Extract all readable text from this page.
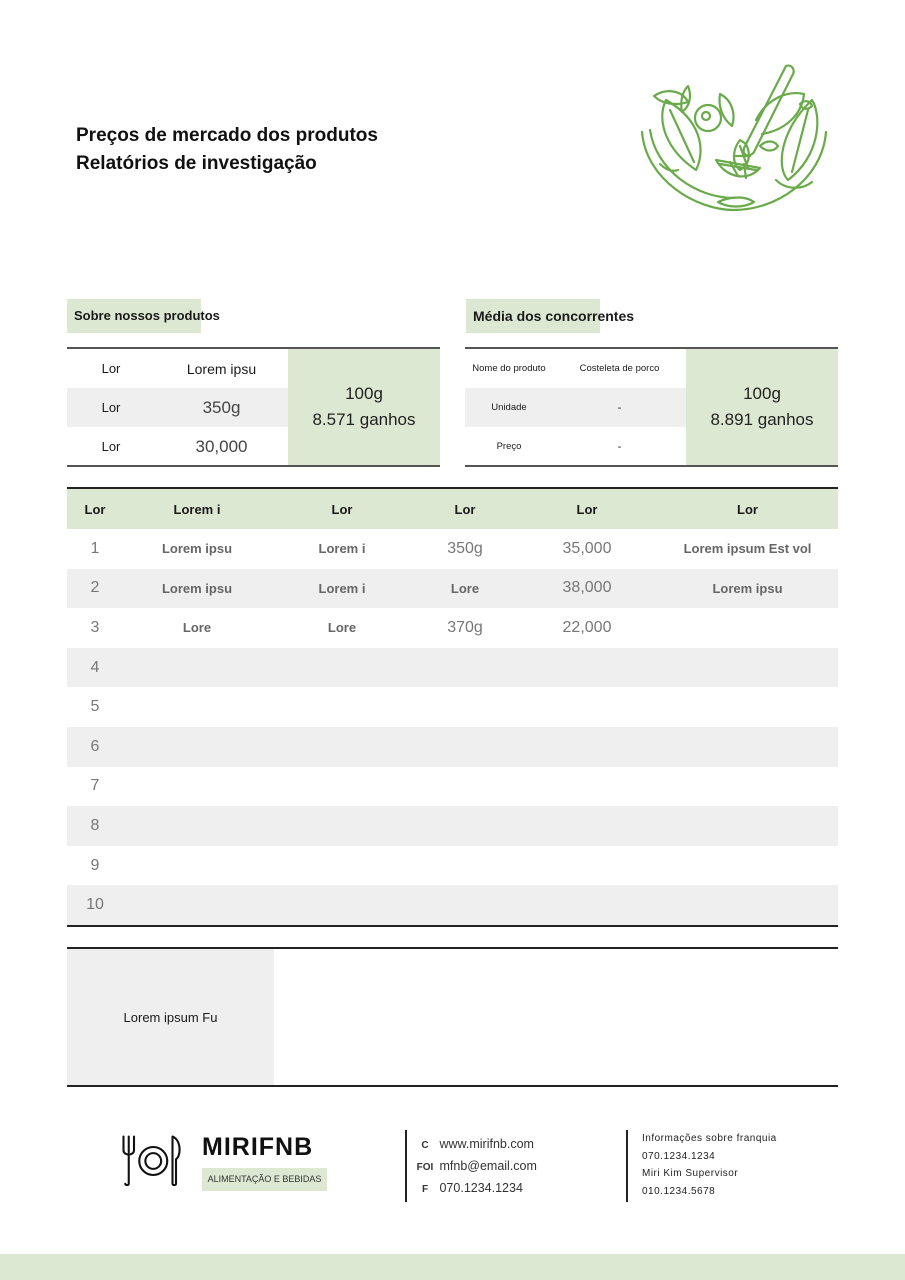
Preços de mercado dos produtos
Relatórios de investigação
Sobre nossos produtos	Média dos concorrentes
Lor	Lorem ipsu
Lor	350g
Lor	30,000
100g
8.571 ganhos
Nome do produto	Costeleta de porco
Unidade	-
Preço	-
100g
8.891 ganhos
Lor	Lorem i	Lor	Lor	Lor	Lor
1	Lorem ipsu	Lorem i	350g	35,000	Lorem ipsum Est vol
2	Lorem ipsu	Lorem i	Lore	38,000	Lorem ipsu
3	Lore	Lore	370g	22,000
4
5
6
7
8
9
10
Lorem ipsum Fu
MIRIFNB
ALIMENTAÇÃO E BEBIDAS
C www.mirifnb.com
FOI mfnb@email.com
F 070.1234.1234
Informações sobre franquia
070.1234.1234
Miri Kim Supervisor
010.1234.5678
